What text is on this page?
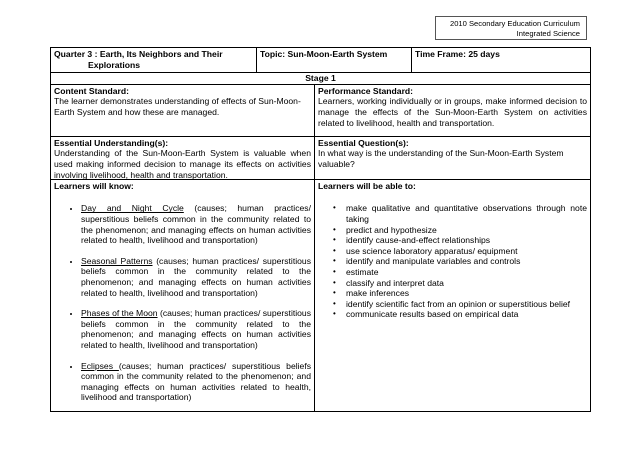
2010 Secondary Education Curriculum
Integrated Science
Quarter 3 : Earth, Its Neighbors and Their
Explorations
Topic: Sun-Moon-Earth System	Time Frame: 25 days
Stage 1
Content Standard:
The learner demonstrates understanding of effects of Sun-Moon-Earth System and how these are managed.
Performance Standard:
Learners, working individually or in groups, make informed decision to manage the effects of the Sun-Moon-Earth System on activities related to livelihood, health and transportation.
Essential Understanding(s):
Understanding of the Sun-Moon-Earth System is valuable when used making informed decision to manage its effects on activities involving livelihood, health and transportation.
Essential Question(s):
In what way is the understanding of the Sun-Moon-Earth System valuable?
Learners will know:
• Day and Night Cycle (causes; human practices/ superstitious beliefs common in the community related to the phenomenon; and managing effects on human activities related to health, livelihood and transportation)
• Seasonal Patterns (causes; human practices/ superstitious beliefs common in the community related to the phenomenon; and managing effects on human activities related to health, livelihood and transportation)
• Phases of the Moon (causes; human practices/ superstitious beliefs common in the community related to the phenomenon; and managing effects on human activities related to health, livelihood and transportation)
• Eclipses (causes; human practices/ superstitious beliefs common in the community related to the phenomenon; and managing effects on human activities related to health, livelihood and transportation)
Learners will be able to:
• make qualitative and quantitative observations through note taking
• predict and hypothesize
• identify cause-and-effect relationships
• use science laboratory apparatus/ equipment
• identify and manipulate variables and controls
• estimate
• classify and interpret data
• make inferences
• identify scientific fact from an opinion or superstitious belief
• communicate results based on empirical data
